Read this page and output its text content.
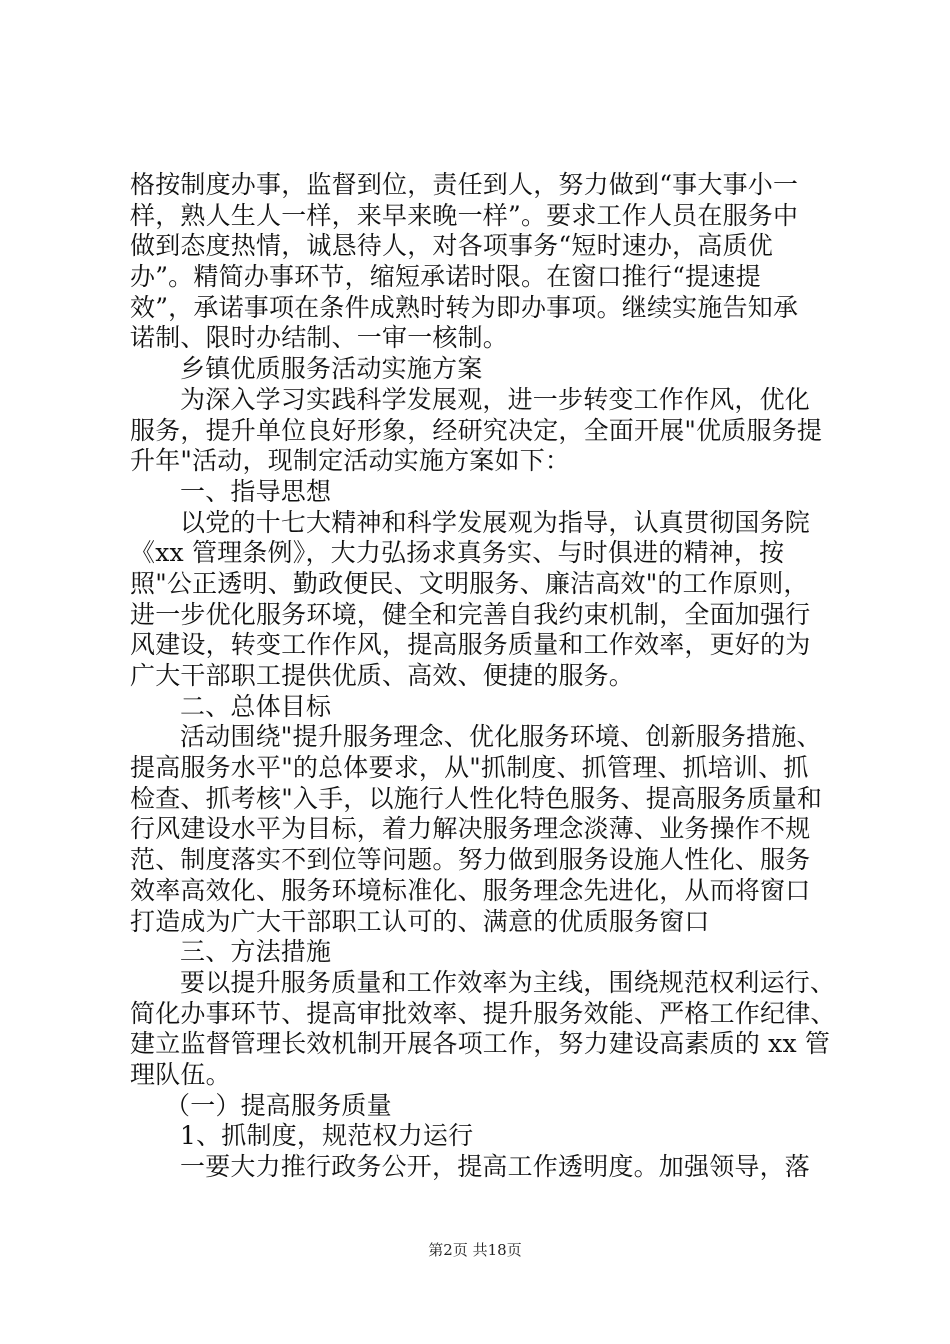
格按制度办事，监督到位，责任到人，努力做到“事大事小一
样，熟人生人一样，来早来晚一样”。要求工作人员在服务中
做到态度热情，诚恳待人，对各项事务“短时速办，高质优
办”。精简办事环节，缩短承诺时限。在窗口推行“提速提
效”，承诺事项在条件成熟时转为即办事项。继续实施告知承
诺制、限时办结制、一审一核制。
乡镇优质服务活动实施方案
为深入学习实践科学发展观，进一步转变工作作风，优化
服务，提升单位良好形象，经研究决定，全面开展"优质服务提
升年"活动，现制定活动实施方案如下：
一、指导思想
以党的十七大精神和科学发展观为指导，认真贯彻国务院
《xx 管理条例》，大力弘扬求真务实、与时俱进的精神，按
照"公正透明、勤政便民、文明服务、廉洁高效"的工作原则，
进一步优化服务环境，健全和完善自我约束机制，全面加强行
风建设，转变工作作风，提高服务质量和工作效率，更好的为
广大干部职工提供优质、高效、便捷的服务。
二、总体目标
活动围绕"提升服务理念、优化服务环境、创新服务措施、
提高服务水平"的总体要求，从"抓制度、抓管理、抓培训、抓
检查、抓考核"入手，以施行人性化特色服务、提高服务质量和
行风建设水平为目标，着力解决服务理念淡薄、业务操作不规
范、制度落实不到位等问题。努力做到服务设施人性化、服务
效率高效化、服务环境标准化、服务理念先进化，从而将窗口
打造成为广大干部职工认可的、满意的优质服务窗口
三、方法措施
要以提升服务质量和工作效率为主线，围绕规范权利运行、
简化办事环节、提高审批效率、提升服务效能、严格工作纪律、
建立监督管理长效机制开展各项工作，努力建设高素质的 xx 管
理队伍。
（一）提高服务质量
1、抓制度，规范权力运行
一要大力推行政务公开，提高工作透明度。加强领导，落
第2页 共18页
